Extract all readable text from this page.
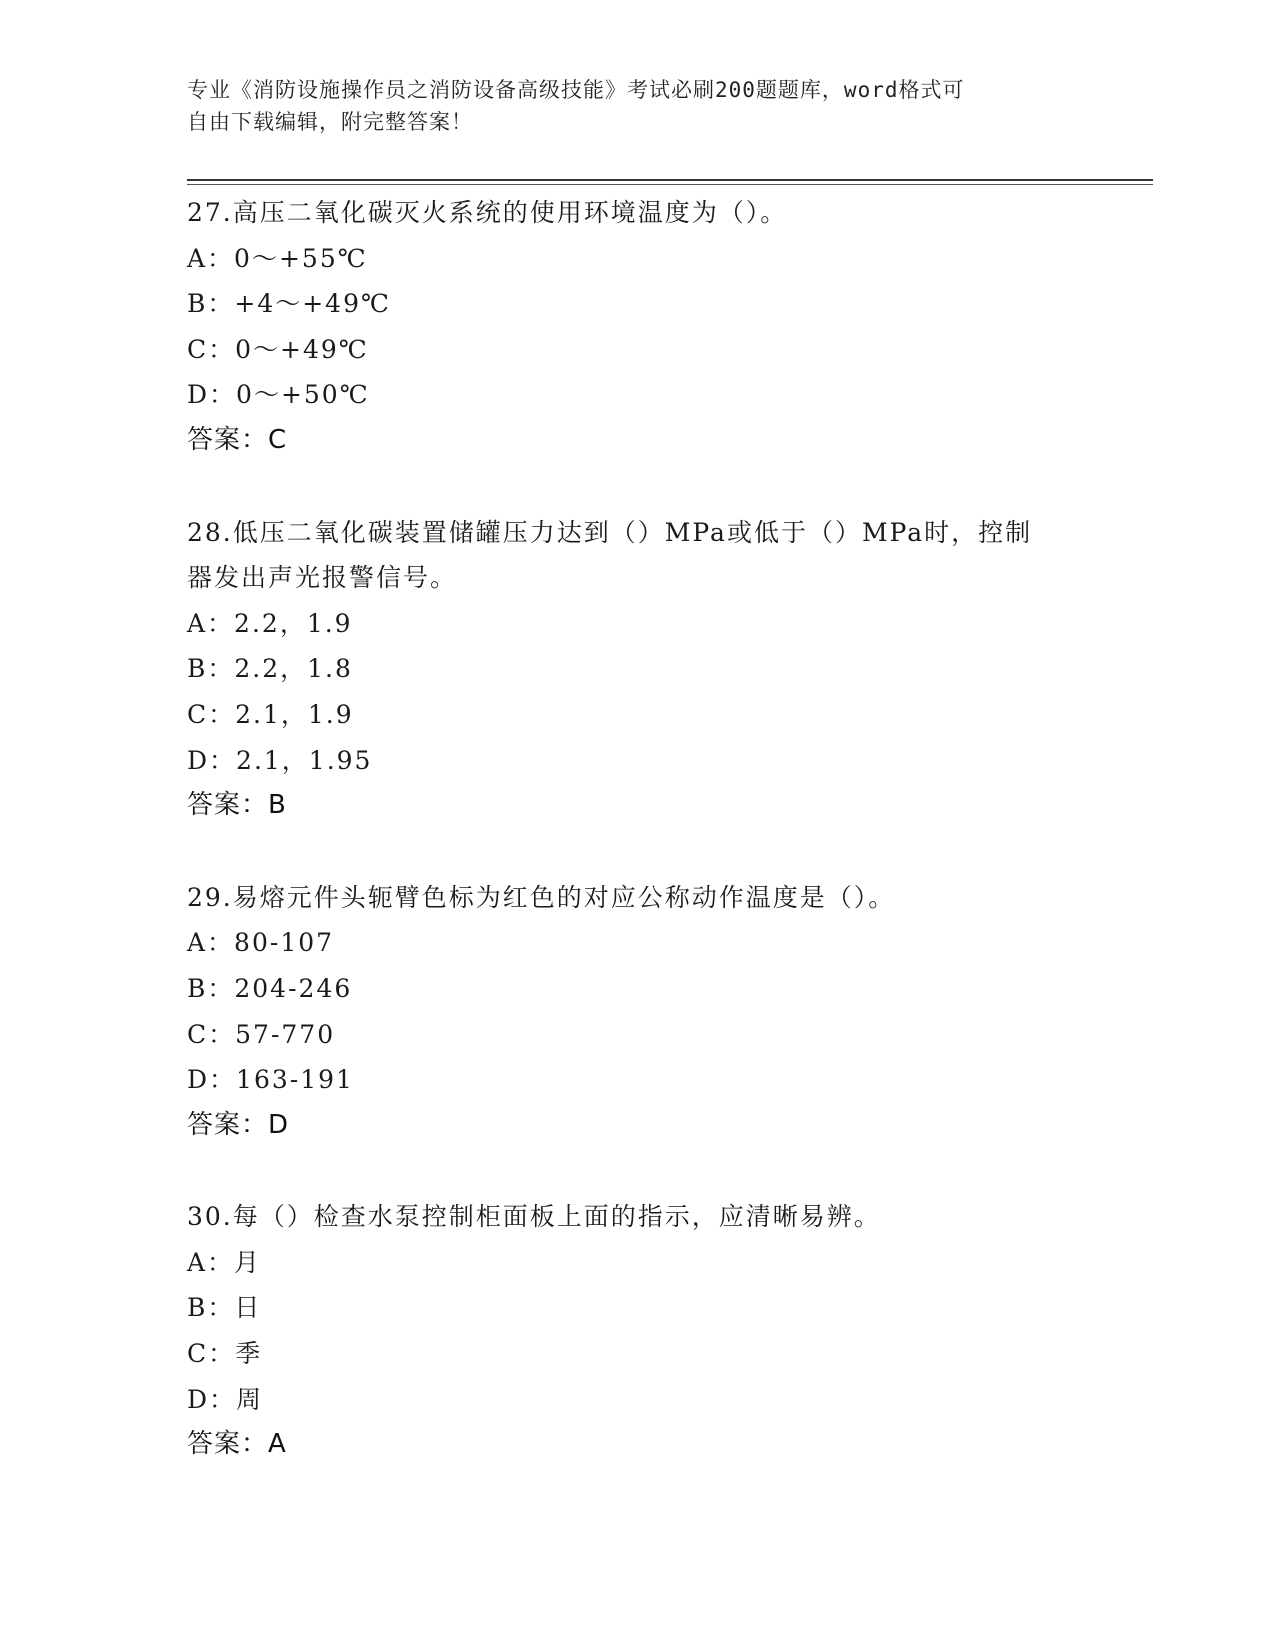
专业《消防设施操作员之消防设备高级技能》考试必刷200题题库，word格式可
自由下载编辑，附完整答案！
27.高压二氧化碳灭火系统的使用环境温度为（）。
A：0～+55℃
B：+4～+49℃
C：0～+49℃
D：0～+50℃
答案：C
28.低压二氧化碳装置储罐压力达到（）MPa或低于（）MPa时，控制
器发出声光报警信号。
A：2.2，1.9
B：2.2，1.8
C：2.1，1.9
D：2.1，1.95
答案：B
29.易熔元件头轭臂色标为红色的对应公称动作温度是（）。
A：80-107
B：204-246
C：57-770
D：163-191
答案：D
30.每（）检查水泵控制柜面板上面的指示，应清晰易辨。
A：月
B：日
C：季
D：周
答案：A
